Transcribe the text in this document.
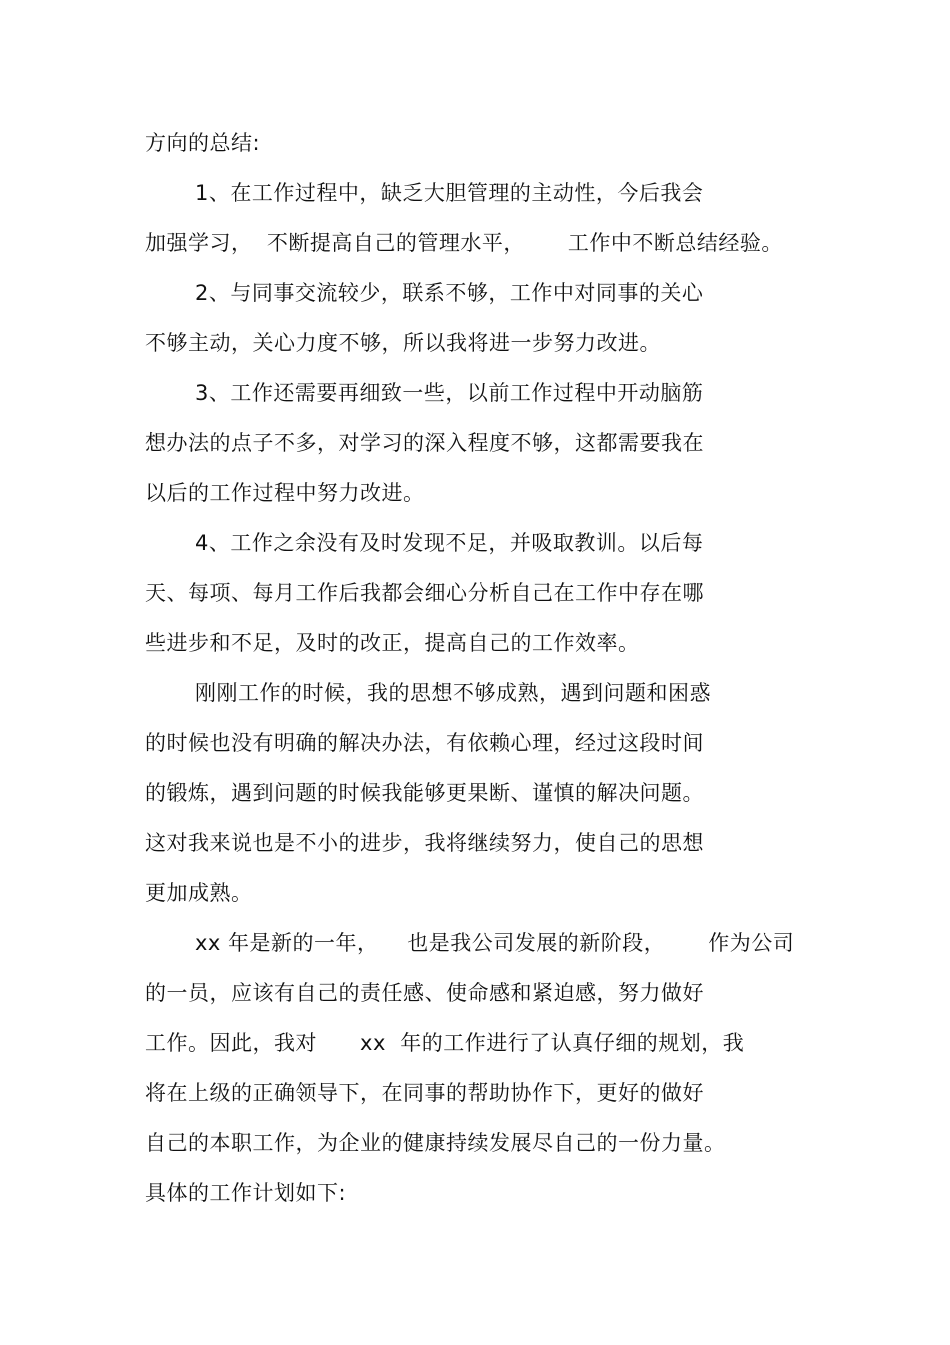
方向的总结:

1、在工作过程中，缺乏大胆管理的主动性，今后我会

加强学习，  不断提高自己的管理水平，      工作中不断总结经验。

2、与同事交流较少，联系不够，工作中对同事的关心

不够主动，关心力度不够，所以我将进一步努力改进。

3、工作还需要再细致一些，以前工作过程中开动脑筋

想办法的点子不多，对学习的深入程度不够，这都需要我在

以后的工作过程中努力改进。

4、工作之余没有及时发现不足，并吸取教训。以后每

天、每项、每月工作后我都会细心分析自己在工作中存在哪

些进步和不足，及时的改正，提高自己的工作效率。

刚刚工作的时候，我的思想不够成熟，遇到问题和困惑

的时候也没有明确的解决办法，有依赖心理，经过这段时间

的锻炼，遇到问题的时候我能够更果断、谨慎的解决问题。

这对我来说也是不小的进步，我将继续努力，使自己的思想

更加成熟。

xx 年是新的一年，    也是我公司发展的新阶段，      作为公司

的一员，应该有自己的责任感、使命感和紧迫感，努力做好

工作。因此，我对      xx  年的工作进行了认真仔细的规划，我

将在上级的正确领导下，在同事的帮助协作下，更好的做好

自己的本职工作，为企业的健康持续发展尽自己的一份力量。

具体的工作计划如下:
